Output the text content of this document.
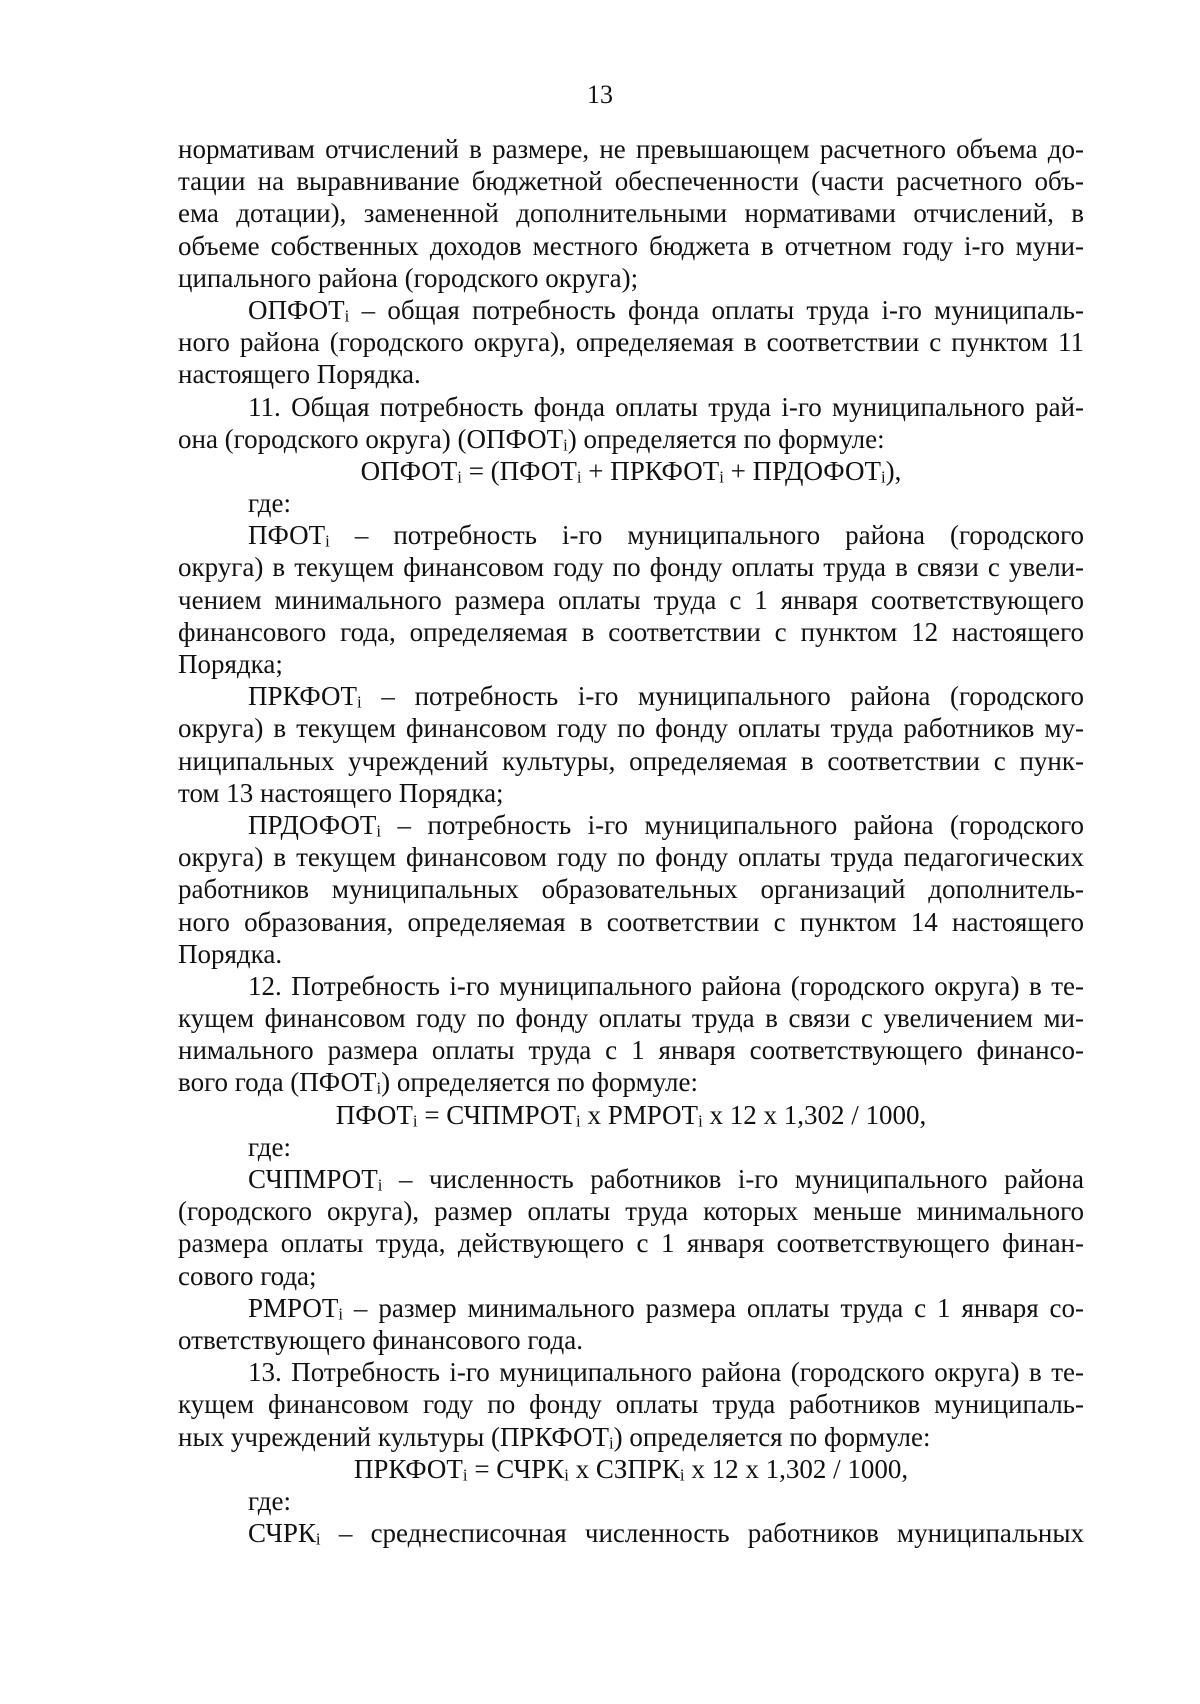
13
нормативам отчислений в размере, не превышающем расчетного объема до-
тации на выравнивание бюджетной обеспеченности (части расчетного объ-
ема дотации), замененной дополнительными нормативами отчислений, в
объеме собственных доходов местного бюджета в отчетном году i-го муни-
ципального района (городского округа);
$ОПФОТ_i$ – общая потребность фонда оплаты труда i-го муниципаль-
ного района (городского округа), определяемая в соответствии с пунктом 11
настоящего Порядка.
11. Общая потребность фонда оплаты труда i-го муниципального рай-
она (городского округа) $(ОПФОТ_i)$ определяется по формуле:
$ОПФОТ_i$ = ($ПФОТ_i$ + $ПРКФОТ_i$ + $ПРДОФОТ_i$),
где:
$ПФОТ_i$ – потребность i-го муниципального района (городского
округа) в текущем финансовом году по фонду оплаты труда в связи с увели-
чением минимального размера оплаты труда с 1 января соответствующего
финансового года, определяемая в соответствии с пунктом 12 настоящего
Порядка;
$ПРКФОТ_i$ – потребность i-го муниципального района (городского
округа) в текущем финансовом году по фонду оплаты труда работников му-
ниципальных учреждений культуры, определяемая в соответствии с пунк-
том 13 настоящего Порядка;
$ПРДОФОТ_i$ – потребность i-го муниципального района (городского
округа) в текущем финансовом году по фонду оплаты труда педагогических
работников муниципальных образовательных организаций дополнитель-
ного образования, определяемая в соответствии с пунктом 14 настоящего
Порядка.
12. Потребность i-го муниципального района (городского округа) в те-
кущем финансовом году по фонду оплаты труда в связи с увеличением ми-
нимального размера оплаты труда с 1 января соответствующего финансо-
вого года $(ПФОТ_i)$ определяется по формуле:
$ПФОТ_i$ = $СЧПМРОТ_i$ х $РМРОТ_i$ х 12 х 1,302 / 1000,
где:
$СЧПМРОТ_i$ – численность работников i-го муниципального района
(городского округа), размер оплаты труда которых меньше минимального
размера оплаты труда, действующего с 1 января соответствующего финан-
сового года;
$РМРОТ_i$ – размер минимального размера оплаты труда с 1 января со-
ответствующего финансового года.
13. Потребность i-го муниципального района (городского округа) в те-
кущем финансовом году по фонду оплаты труда работников муниципаль-
ных учреждений культуры $(ПРКФОТ_i)$ определяется по формуле:
$ПРКФОТ_i$ = $СЧРК_i$ х $СЗПРК_i$ х 12 х 1,302 / 1000,
где:
$СЧРК_i$ – среднесписочная численность работников муниципальных
